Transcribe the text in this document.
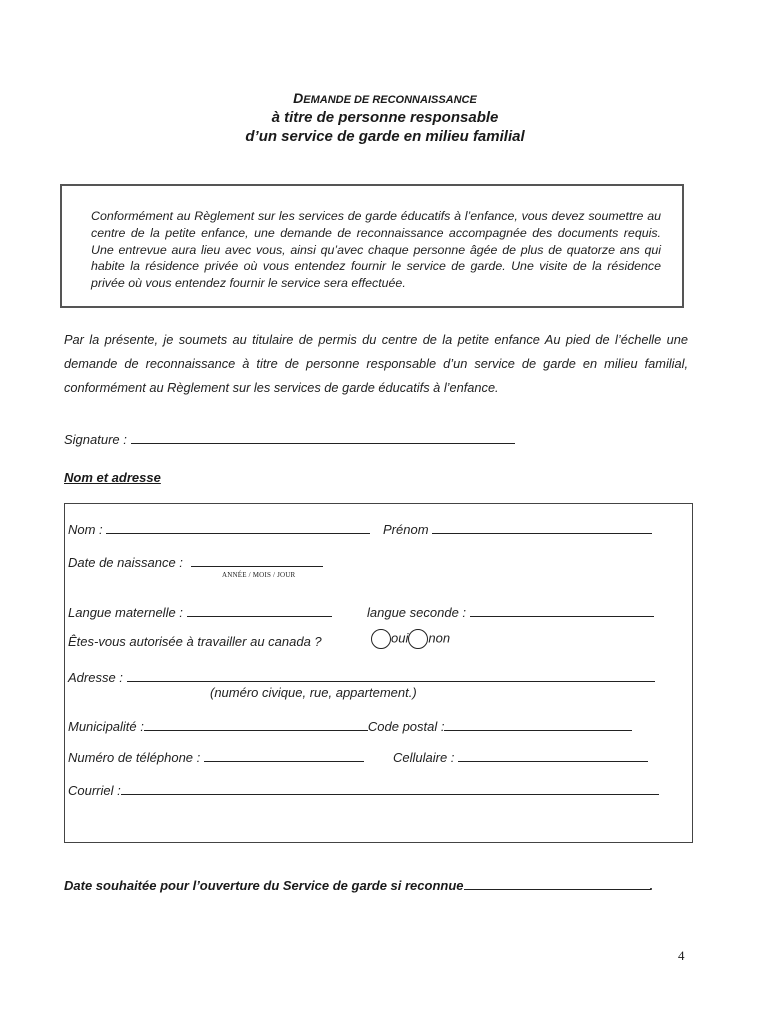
DEMANDE DE RECONNAISSANCE
à titre de personne responsable
d’un service de garde en milieu familial
Conformément au Règlement sur les services de garde éducatifs à l’enfance, vous devez soumettre au centre de la petite enfance, une demande de reconnaissance accompagnée des documents requis. Une entrevue aura lieu avec vous, ainsi qu’avec chaque personne âgée de plus de quatorze ans qui habite la résidence privée où vous entendez fournir le service de garde. Une visite de la résidence privée où vous entendez fournir le service sera effectuée.
Par la présente, je soumets au titulaire de permis du centre de la petite enfance Au pied de l’échelle une demande de reconnaissance à titre de personne responsable d’un service de garde en milieu familial, conformément au Règlement sur les services de garde éducatifs à l’enfance.
Signature :
Nom et adresse
Nom :	Prénom
Date de naissance :
ANNÉE / MOIS / JOUR
Langue maternelle :	langue seconde :
Êtes-vous autorisée à travailler au canada ?	oui non
Adresse :
(numéro civique, rue, appartement.)
Municipalité :	Code postal :
Numéro de téléphone :	Cellulaire :
Courriel :
Date souhaitée pour l’ouverture du Service de garde si reconnue	.
4
